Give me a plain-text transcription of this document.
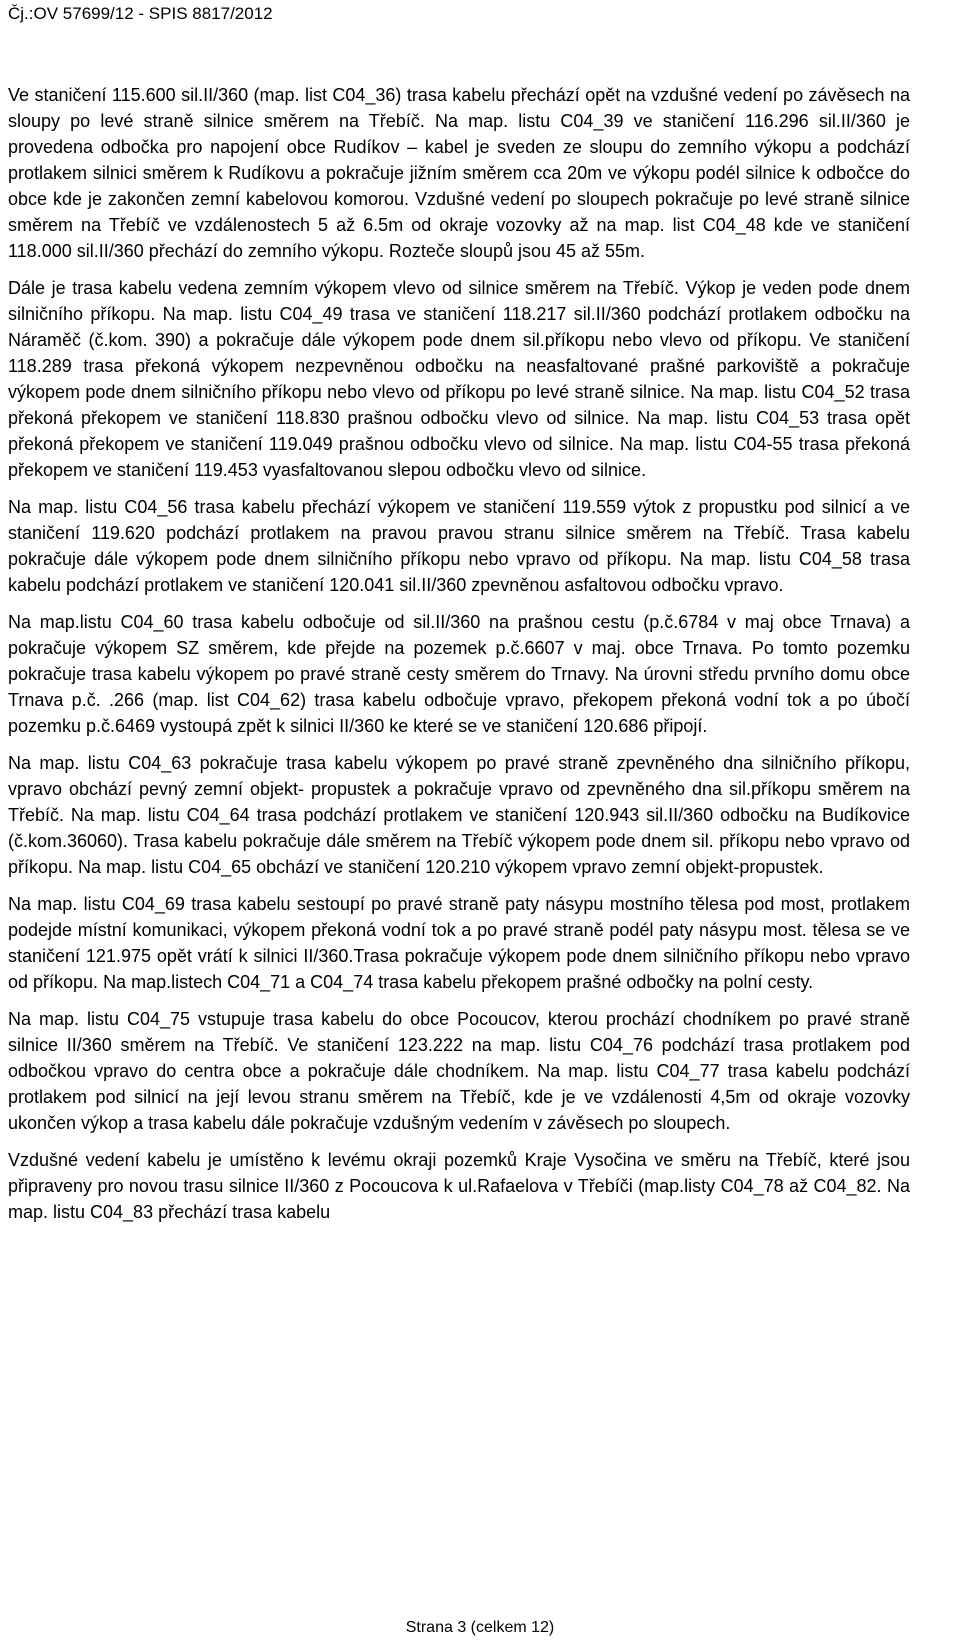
Čj.:OV 57699/12 - SPIS 8817/2012

Ve staničení 115.600 sil.II/360 (map. list C04_36) trasa kabelu přechází opět na vzdušné vedení po závěsech na sloupy po levé straně silnice směrem na Třebíč. Na map. listu C04_39 ve staničení 116.296 sil.II/360 je provedena odbočka pro napojení obce Rudíkov – kabel je sveden ze sloupu do zemního výkopu a podchází protlakem silnici směrem k Rudíkovu a pokračuje jižním směrem cca 20m ve výkopu podél silnice k odbočce do obce kde je zakončen zemní kabelovou komorou. Vzdušné vedení po sloupech pokračuje po levé straně silnice směrem na Třebíč ve vzdálenostech 5 až 6.5m od okraje vozovky až na map. list C04_48 kde ve staničení 118.000 sil.II/360 přechází do zemního výkopu. Rozteče sloupů jsou 45 až 55m.

Dále je trasa kabelu vedena zemním výkopem vlevo od silnice směrem na Třebíč. Výkop je veden pode dnem silničního příkopu. Na map. listu C04_49 trasa ve staničení 118.217 sil.II/360 podchází protlakem odbočku na Náraměč (č.kom. 390) a pokračuje dále výkopem pode dnem sil.příkopu nebo vlevo od příkopu. Ve staničení 118.289 trasa překoná výkopem nezpevněnou odbočku na neasfaltované prašné parkoviště a pokračuje výkopem pode dnem silničního příkopu nebo vlevo od příkopu po levé straně silnice. Na map. listu C04_52 trasa překoná překopem ve staničení 118.830 prašnou odbočku vlevo od silnice. Na map. listu C04_53 trasa opět překoná překopem ve staničení 119.049 prašnou odbočku vlevo od silnice. Na map. listu C04-55 trasa překoná překopem ve staničení 119.453 vyasfaltovanou slepou odbočku vlevo od silnice.

Na map. listu C04_56 trasa kabelu přechází výkopem ve staničení 119.559 výtok z propustku pod silnicí a ve staničení 119.620 podchází protlakem na pravou pravou stranu silnice směrem na Třebíč. Trasa kabelu pokračuje dále výkopem pode dnem silničního příkopu nebo vpravo od příkopu. Na map. listu C04_58 trasa kabelu podchází protlakem ve staničení 120.041 sil.II/360 zpevněnou asfaltovou odbočku vpravo.

Na map.listu C04_60 trasa kabelu odbočuje od sil.II/360 na prašnou cestu (p.č.6784 v maj obce Trnava) a pokračuje výkopem SZ směrem, kde přejde na pozemek p.č.6607 v maj. obce Trnava. Po tomto pozemku pokračuje trasa kabelu výkopem po pravé straně cesty směrem do Trnavy. Na úrovni středu prvního domu obce Trnava p.č. .266 (map. list C04_62) trasa kabelu odbočuje vpravo, překopem překoná vodní tok a po úbočí pozemku p.č.6469 vystoupá zpět k silnici II/360 ke které se ve staničení 120.686 připojí.

Na map. listu C04_63 pokračuje trasa kabelu výkopem po pravé straně zpevněného dna silničního příkopu, vpravo obchází pevný zemní objekt- propustek a pokračuje vpravo od zpevněného dna sil.příkopu směrem na Třebíč. Na map. listu C04_64 trasa podchází protlakem ve staničení 120.943 sil.II/360 odbočku na Budíkovice (č.kom.36060). Trasa kabelu pokračuje dále směrem na Třebíč výkopem pode dnem sil. příkopu nebo vpravo od příkopu. Na map. listu C04_65 obchází ve staničení 120.210 výkopem vpravo zemní objekt-propustek.

Na map. listu C04_69 trasa kabelu sestoupí po pravé straně paty násypu mostního tělesa pod most, protlakem podejde místní komunikaci, výkopem překoná vodní tok a po pravé straně podél paty násypu most. tělesa se ve staničení 121.975 opět vrátí k silnici II/360.Trasa pokračuje výkopem pode dnem silničního příkopu nebo vpravo od příkopu. Na map.listech C04_71 a C04_74 trasa kabelu překopem prašné odbočky na polní cesty.

Na map. listu C04_75 vstupuje trasa kabelu do obce Pocoucov, kterou prochází chodníkem po pravé straně silnice II/360 směrem na Třebíč. Ve staničení 123.222 na map. listu C04_76 podchází trasa protlakem pod odbočkou vpravo do centra obce a pokračuje dále chodníkem. Na map. listu C04_77 trasa kabelu podchází protlakem pod silnicí na její levou stranu směrem na Třebíč, kde je ve vzdálenosti 4,5m od okraje vozovky ukončen výkop a trasa kabelu dále pokračuje vzdušným vedením v závěsech po sloupech.

Vzdušné vedení kabelu je umístěno k levému okraji pozemků Kraje Vysočina ve směru na Třebíč, které jsou připraveny pro novou trasu silnice II/360 z Pocoucova k ul.Rafaelova v Třebíči (map.listy C04_78 až C04_82. Na map. listu C04_83 přechází trasa kabelu

Strana 3 (celkem 12)
